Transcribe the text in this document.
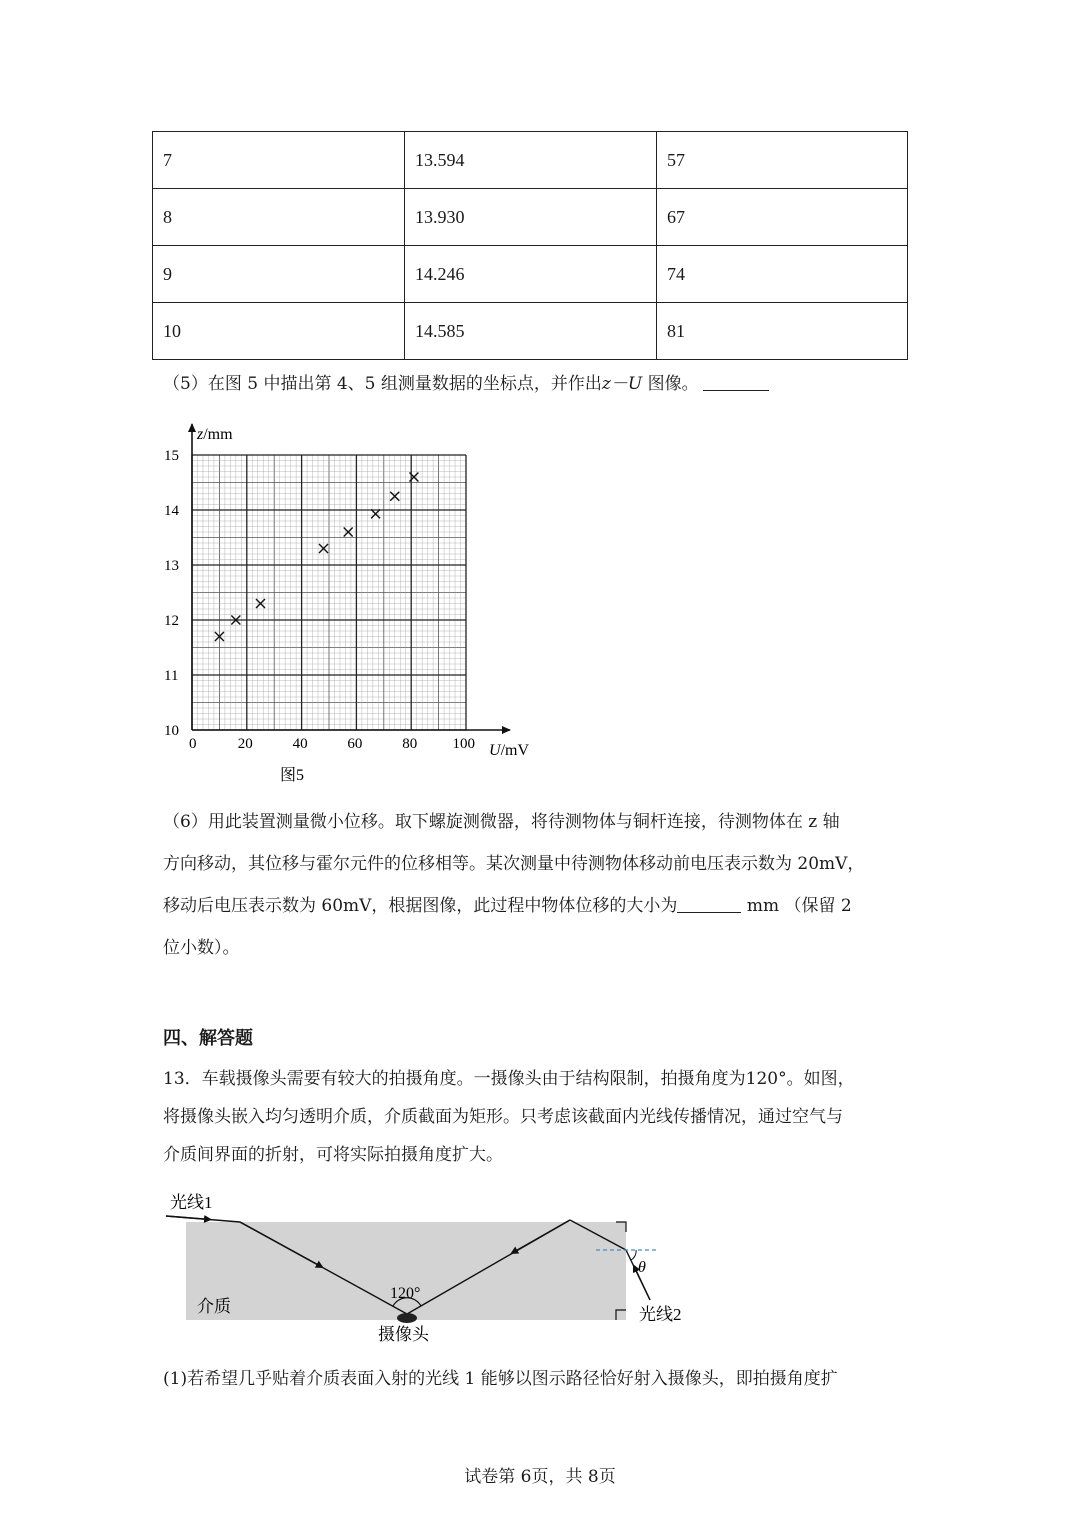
7	13.594	57
8	13.930	67
9	14.246	74
10	14.585	81
（5）在图 5 中描出第 4、5 组测量数据的坐标点，并作出z－U 图像。
z/mm
U/mV
0	20	40	60	80 100
10
11
12
13
14
15
图5
（6）用此装置测量微小位移。取下螺旋测微器，将待测物体与铜杆连接，待测物体在 z 轴
方向移动，其位移与霍尔元件的位移相等。某次测量中待测物体移动前电压表示数为 20mV，
移动后电压表示数为 60mV，根据图像，此过程中物体位移的大小为	mm （保留 2
位小数）。
四、解答题
13．车载摄像头需要有较大的拍摄角度。一摄像头由于结构限制，拍摄角度为120°。如图，
将摄像头嵌入均匀透明介质，介质截面为矩形。只考虑该截面内光线传播情况，通过空气与
介质间界面的折射，可将实际拍摄角度扩大。
光线1
θ
120°
摄像头
介质	光线2
(1)若希望几乎贴着介质表面入射的光线 1 能够以图示路径恰好射入摄像头，即拍摄角度扩
试卷第 6页，共 8页
